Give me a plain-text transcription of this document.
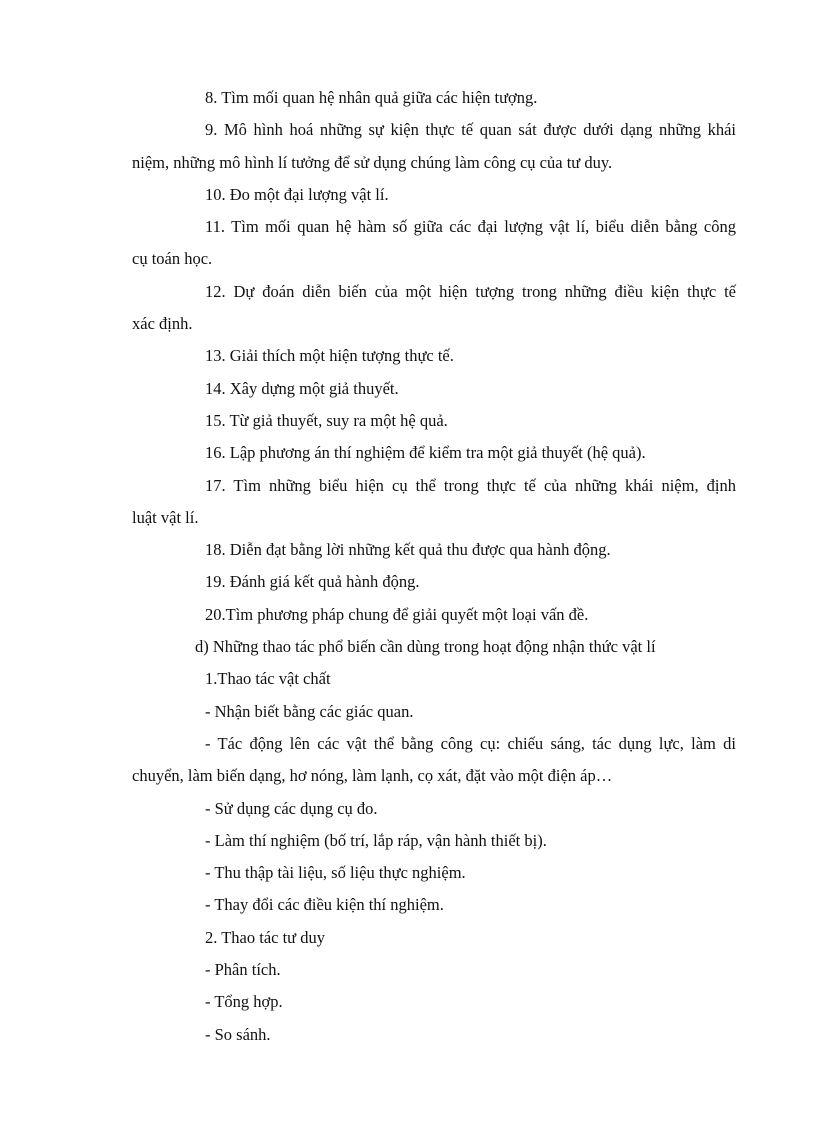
8. Tìm mối quan hệ nhân quả giữa các hiện tượng.
9. Mô hình hoá những sự kiện thực tế quan sát được dưới dạng những khái
niệm, những mô hình lí tưởng để sử dụng chúng làm công cụ của tư duy.
10. Đo một đại lượng vật lí.
11. Tìm mối quan hệ hàm số giữa các đại lượng vật lí, biểu diễn bằng công
cụ toán học.
12. Dự đoán diễn biến của một hiện tượng trong những điều kiện thực tế
xác định.
13. Giải thích một hiện tượng thực tế.
14. Xây dựng một giả thuyết.
15. Từ giả thuyết, suy ra một hệ quả.
16. Lập phương án thí nghiệm để kiểm tra một giả thuyết (hệ quả).
17. Tìm những biểu hiện cụ thể trong thực tế của những khái niệm, định
luật vật lí.
18. Diễn đạt bằng lời những kết quả thu được qua hành động.
19. Đánh giá kết quả hành động.
20.Tìm phương pháp chung để giải quyết một loại vấn đề.
d) Những thao tác phổ biến cần dùng trong hoạt động nhận thức vật lí
1.Thao tác vật chất
- Nhận biết bằng các giác quan.
- Tác động lên các vật thể bằng công cụ: chiếu sáng, tác dụng lực, làm di
chuyển, làm biến dạng, hơ nóng, làm lạnh, cọ xát, đặt vào một điện áp…
- Sử dụng các dụng cụ đo.
- Làm thí nghiệm (bố trí, lắp ráp, vận hành thiết bị).
- Thu thập tài liệu, số liệu thực nghiệm.
- Thay đổi các điều kiện thí nghiệm.
2. Thao tác tư duy
- Phân tích.
- Tổng hợp.
- So sánh.
